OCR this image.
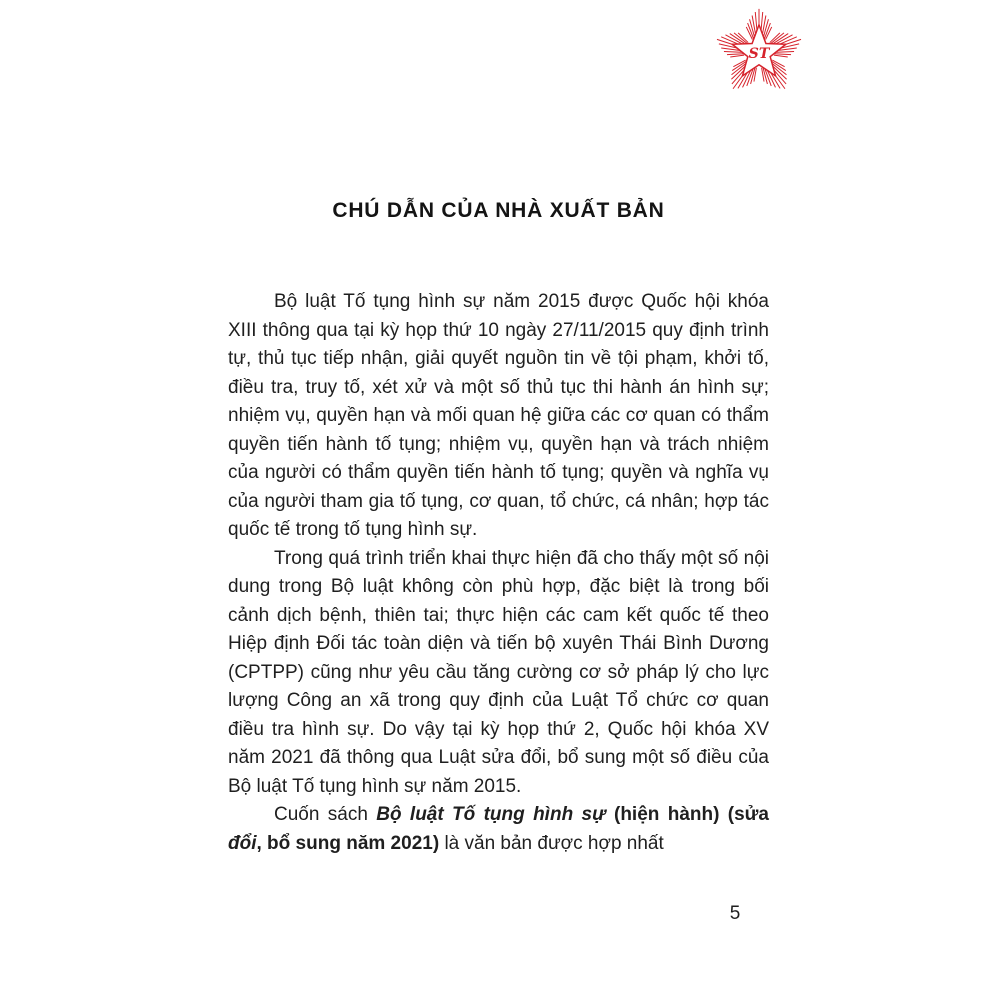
ST
CHÚ DẪN CỦA NHÀ XUẤT BẢN

Bộ luật Tố tụng hình sự năm 2015 được Quốc hội khóa XIII thông qua tại kỳ họp thứ 10 ngày 27/11/2015 quy định trình tự, thủ tục tiếp nhận, giải quyết nguồn tin về tội phạm, khởi tố, điều tra, truy tố, xét xử và một số thủ tục thi hành án hình sự; nhiệm vụ, quyền hạn và mối quan hệ giữa các cơ quan có thẩm quyền tiến hành tố tụng; nhiệm vụ, quyền hạn và trách nhiệm của người có thẩm quyền tiến hành tố tụng; quyền và nghĩa vụ của người tham gia tố tụng, cơ quan, tổ chức, cá nhân; hợp tác quốc tế trong tố tụng hình sự.

Trong quá trình triển khai thực hiện đã cho thấy một số nội dung trong Bộ luật không còn phù hợp, đặc biệt là trong bối cảnh dịch bệnh, thiên tai; thực hiện các cam kết quốc tế theo Hiệp định Đối tác toàn diện và tiến bộ xuyên Thái Bình Dương (CPTPP) cũng như yêu cầu tăng cường cơ sở pháp lý cho lực lượng Công an xã trong quy định của Luật Tổ chức cơ quan điều tra hình sự. Do vậy tại kỳ họp thứ 2, Quốc hội khóa XV năm 2021 đã thông qua Luật sửa đổi, bổ sung một số điều của Bộ luật Tố tụng hình sự năm 2015.

Cuốn sách Bộ luật Tố tụng hình sự (hiện hành) (sửa đổi, bổ sung năm 2021) là văn bản được hợp nhất

5
